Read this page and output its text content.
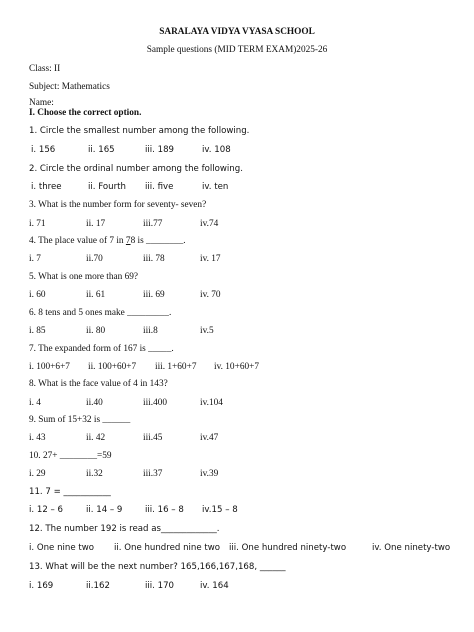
SARALAYA VIDYA VYASA SCHOOL
Sample questions (MID TERM EXAM)2025-26
Class: II
Subject: Mathematics
Name:
I. Choose the correct option.
1. Circle the smallest number among the following.
i. 156	ii. 165	iii. 189	iv. 108
2. Circle the ordinal number among the following.
i. three	ii. Fourth iii. five	iv. ten
3. What is the number form for seventy- seven?
i. 71	ii. 17	iii.77	iv.74
4. The place value of 7 in 78 is ________.
i. 7	ii.70	iii. 78	iv. 17
5. What is one more than 69?
i. 60	ii. 61	iii. 69	iv. 70
6. 8 tens and 5 ones make _________.
i. 85	ii. 80	iii.8	iv.5
7. The expanded form of 167 is _____.
i. 100+6+7 ii. 100+60+7 iii. 1+60+7 iv. 10+60+7
8. What is the face value of 4 in 143?
i. 4	ii.40	iii.400	iv.104
9. Sum of 15+32 is ______
i. 43	ii. 42	iii.45	iv.47
10. 27+ ________=59
i. 29	ii.32	iii.37	iv.39
11. 7 = ___________
i. 12 – 6	ii. 14 – 9	iii. 16 – 8 iv.15 – 8
12. The number 192 is read as_____________.
i. One nine two ii. One hundred nine two iii. One hundred ninety-two	iv. One ninety-two
13. What will be the next number? 165,166,167,168, ______
i. 169	ii.162	iii. 170	iv. 164
